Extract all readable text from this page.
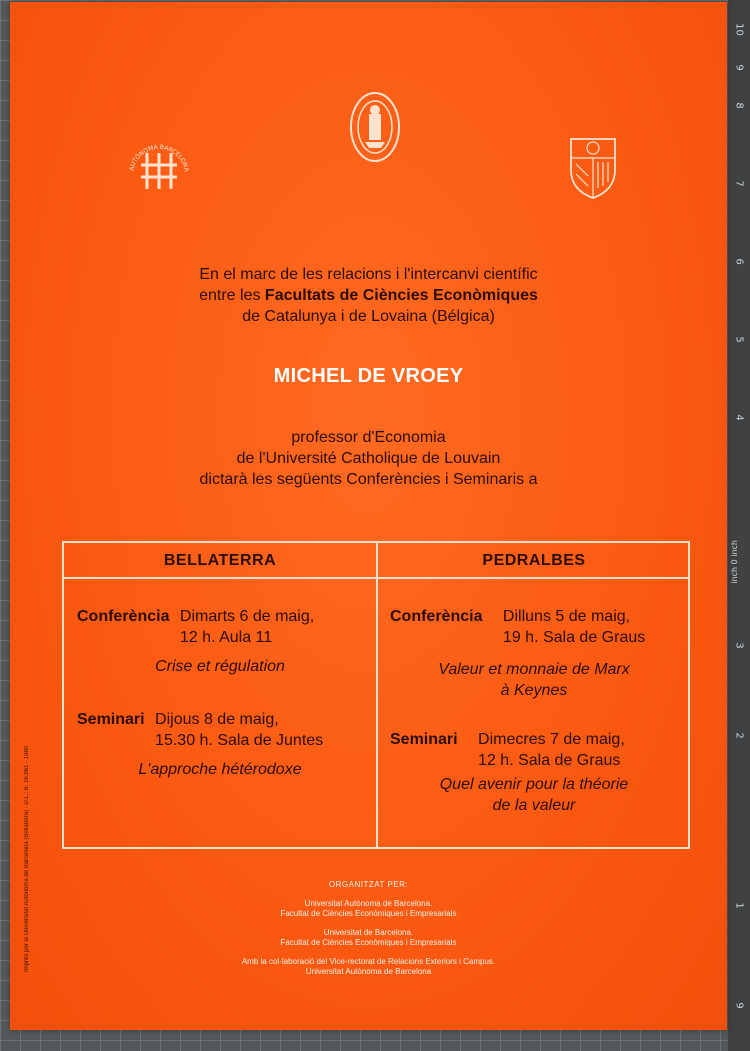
10
9
8
7
6
5
4
3
2
1
9
inch 0 inch
AUTÒNOMA BARCELONA
En el marc de les relacions i l'intercanvi científic
entre les Facultats de Ciències Econòmiques
de Catalunya i de Lovaina (Bélgica)
MICHEL DE VROEY
professor d'Economia
de l'Université Catholique de Louvain
dictarà les següents Conferències i Seminaris a
BELLATERRA	PEDRALBES
Conferència Dimarts 6 de maig,
12 h. Aula 11
Crise et régulation
Seminari Dijous 8 de maig,
15.30 h. Sala de Juntes
L'approche hétérodoxe
Conferència Dilluns 5 de maig,
19 h. Sala de Graus
Valeur et monnaie de Marx
à Keynes
Seminari Dimecres 7 de maig,
12 h. Sala de Graus
Quel avenir pour la théorie
de la valeur
Imprès per la Universitat Autònoma de Barcelona (Bellaterra) · D.L.: B. 16.961 - 1980	ORGANITZAT PER:
Universitat Autònoma de Barcelona.
Facultat de Ciències Econòmiques i Empresarials
Universitat de Barcelona.
Facultat de Ciències Econòmiques i Empresarials
Amb la col·laboració del Vice-rectorat de Relacions Exteriors i Campus.
Universitat Autònoma de Barcelona
